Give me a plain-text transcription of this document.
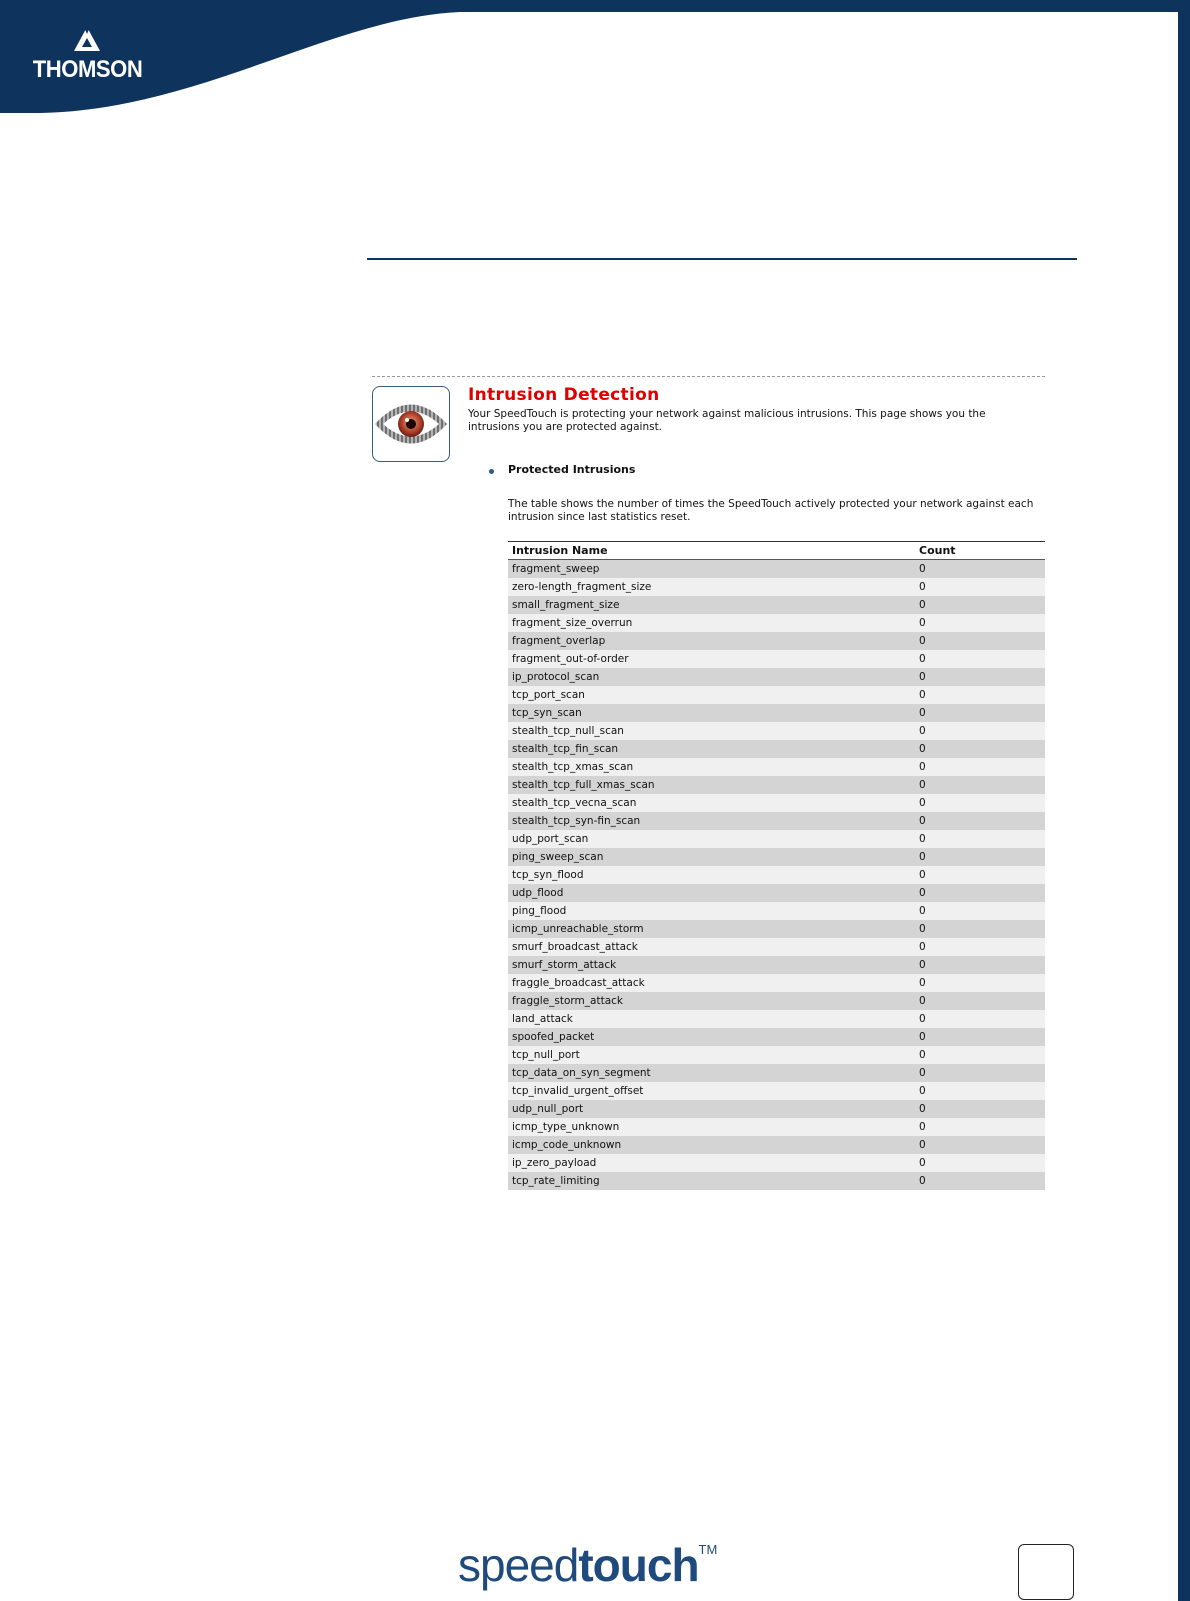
THOMSON
Intrusion Detection

Your SpeedTouch is protecting your network against malicious intrusions. This page shows you the intrusions you are protected against.

Protected Intrusions

The table shows the number of times the SpeedTouch actively protected your network against each intrusion since last statistics reset.

Intrusion Name	Count
fragment_sweep	0
zero-length_fragment_size	0
small_fragment_size	0
fragment_size_overrun	0
fragment_overlap	0
fragment_out-of-order	0
ip_protocol_scan	0
tcp_port_scan	0
tcp_syn_scan	0
stealth_tcp_null_scan	0
stealth_tcp_fin_scan	0
stealth_tcp_xmas_scan	0
stealth_tcp_full_xmas_scan	0
stealth_tcp_vecna_scan	0
stealth_tcp_syn-fin_scan	0
udp_port_scan	0
ping_sweep_scan	0
tcp_syn_flood	0
udp_flood	0
ping_flood	0
icmp_unreachable_storm	0
smurf_broadcast_attack	0
smurf_storm_attack	0
fraggle_broadcast_attack	0
fraggle_storm_attack	0
land_attack	0
spoofed_packet	0
tcp_null_port	0
tcp_data_on_syn_segment	0
tcp_invalid_urgent_offset	0
udp_null_port	0
icmp_type_unknown	0
icmp_code_unknown	0
ip_zero_payload	0
tcp_rate_limiting	0
speedtouch™
